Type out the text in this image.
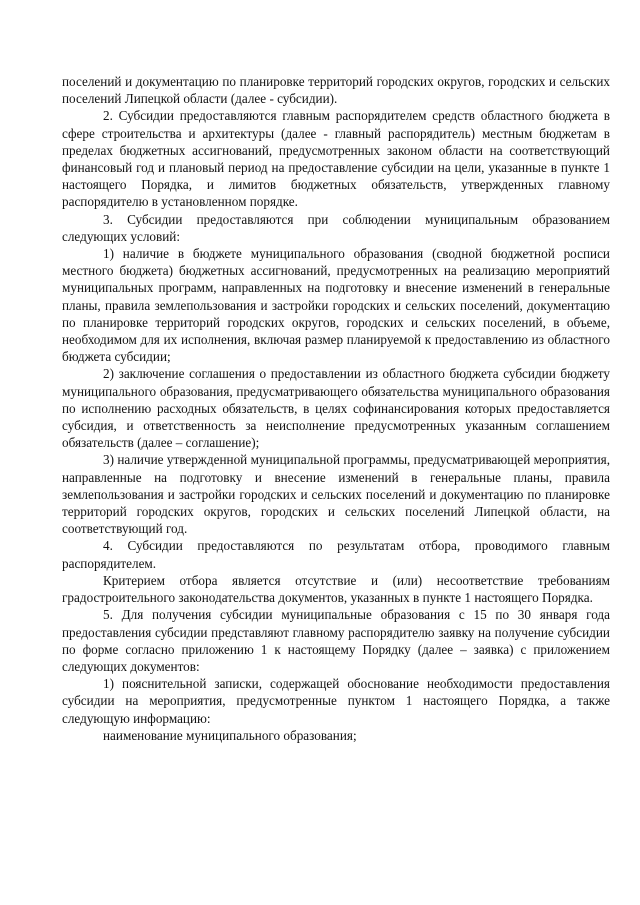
поселений и документацию по планировке территорий городских округов, городских и сельских поселений Липецкой области (далее - субсидии).

2. Субсидии предоставляются главным распорядителем средств областного бюджета в сфере строительства и архитектуры (далее - главный распорядитель) местным бюджетам в пределах бюджетных ассигнований, предусмотренных законом области на соответствующий финансовый год и плановый период на предоставление субсидии на цели, указанные в пункте 1 настоящего Порядка, и лимитов бюджетных обязательств, утвержденных главному распорядителю в установленном порядке.

3. Субсидии предоставляются при соблюдении муниципальным образованием следующих условий:

1) наличие в бюджете муниципального образования (сводной бюджетной росписи местного бюджета) бюджетных ассигнований, предусмотренных на реализацию мероприятий муниципальных программ, направленных на подготовку и внесение изменений в генеральные планы, правила землепользования и застройки городских и сельских поселений, документацию по планировке территорий городских округов, городских и сельских поселений, в объеме, необходимом для их исполнения, включая размер планируемой к предоставлению из областного бюджета субсидии;

2) заключение соглашения о предоставлении из областного бюджета субсидии бюджету муниципального образования, предусматривающего обязательства муниципального образования по исполнению расходных обязательств, в целях софинансирования которых предоставляется субсидия, и ответственность за неисполнение предусмотренных указанным соглашением обязательств (далее – соглашение);

3) наличие утвержденной муниципальной программы, предусматривающей мероприятия, направленные на подготовку и внесение изменений в генеральные планы, правила землепользования и застройки городских и сельских поселений и документацию по планировке территорий городских округов, городских и сельских поселений Липецкой области, на соответствующий год.

4. Субсидии предоставляются по результатам отбора, проводимого главным распорядителем.

Критерием отбора является отсутствие и (или) несоответствие требованиям градостроительного законодательства документов, указанных в пункте 1 настоящего Порядка.

5. Для получения субсидии муниципальные образования с 15 по 30 января года предоставления субсидии представляют главному распорядителю заявку на получение субсидии по форме согласно приложению 1 к настоящему Порядку (далее – заявка) с приложением следующих документов:

1) пояснительной записки, содержащей обоснование необходимости предоставления субсидии на мероприятия, предусмотренные пунктом 1 настоящего Порядка, а также следующую информацию:

наименование муниципального образования;
